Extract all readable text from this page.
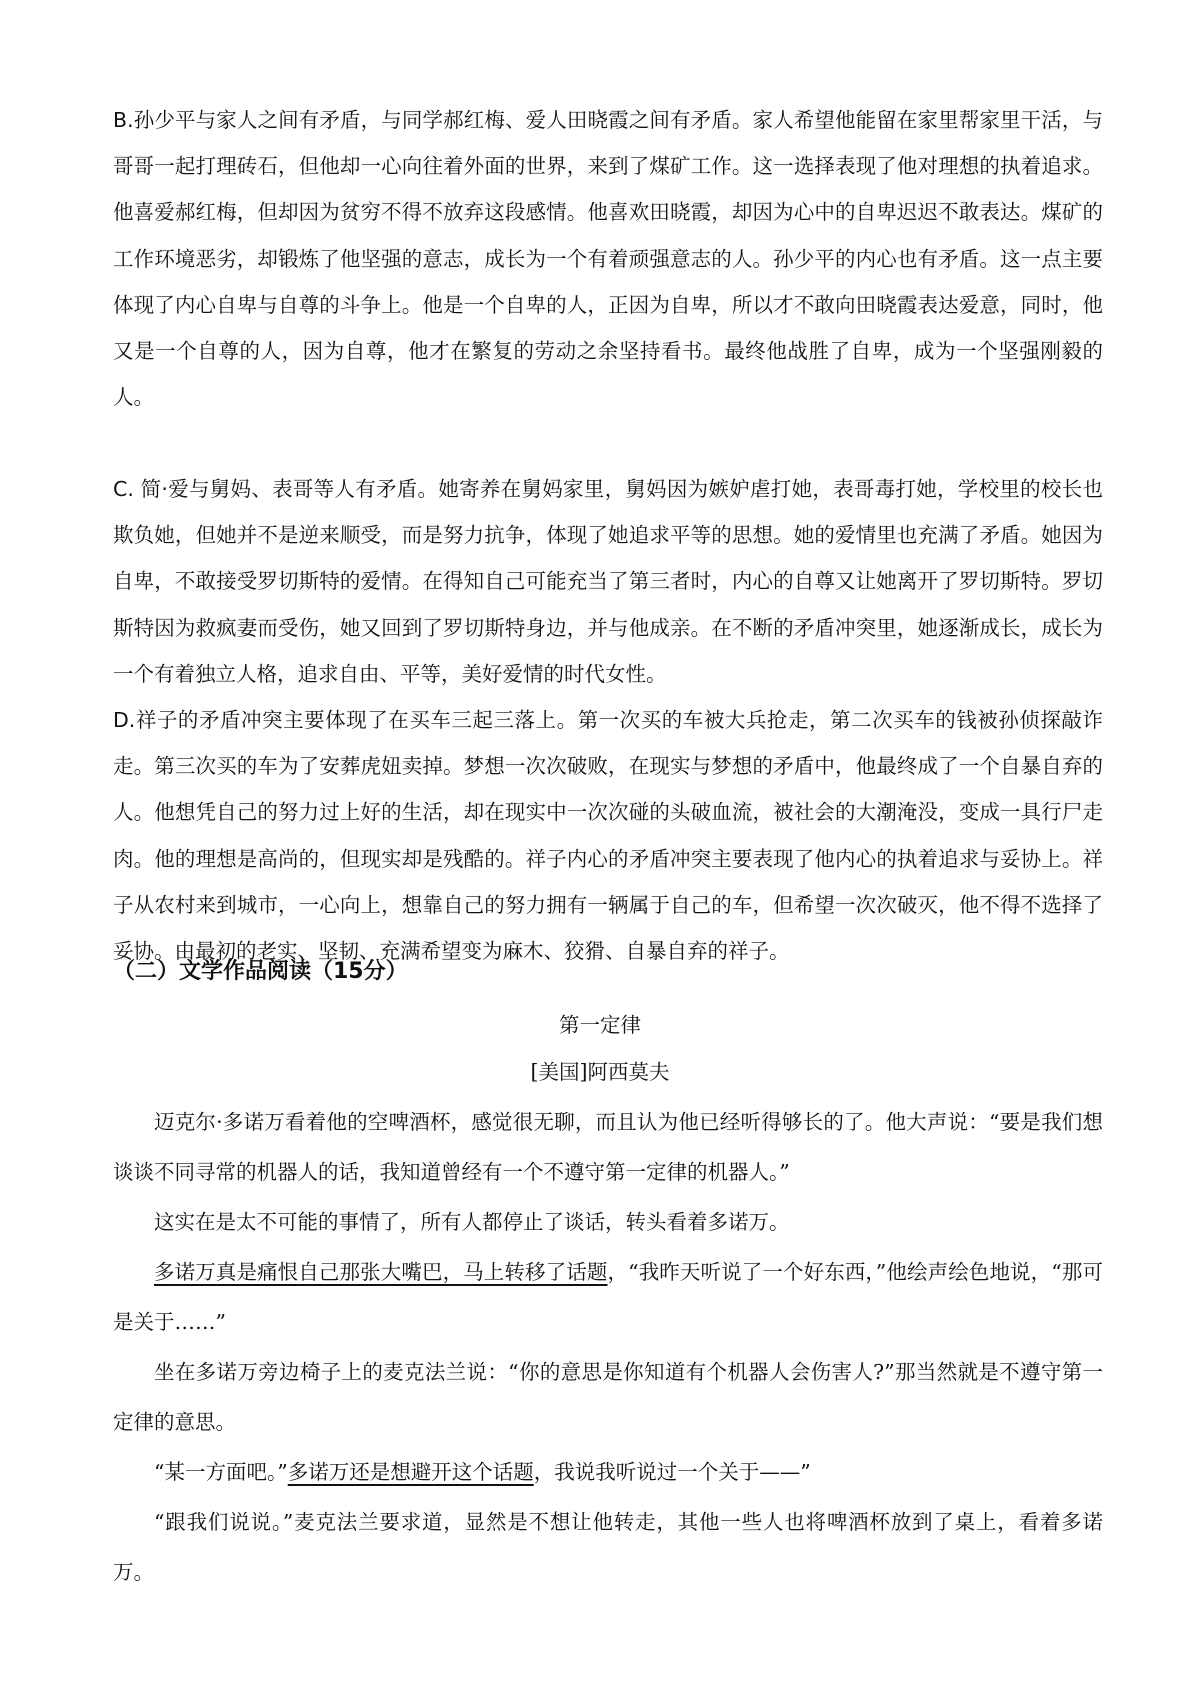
B.孙少平与家人之间有矛盾，与同学郝红梅、爱人田晓霞之间有矛盾。家人希望他能留在家里帮家里干活，与哥哥一起打理砖石，但他却一心向往着外面的世界，来到了煤矿工作。这一选择表现了他对理想的执着追求。他喜爱郝红梅，但却因为贫穷不得不放弃这段感情。他喜欢田晓霞，却因为心中的自卑迟迟不敢表达。煤矿的工作环境恶劣，却锻炼了他坚强的意志，成长为一个有着顽强意志的人。孙少平的内心也有矛盾。这一点主要体现了内心自卑与自尊的斗争上。他是一个自卑的人，正因为自卑，所以才不敢向田晓霞表达爱意，同时，他又是一个自尊的人，因为自尊，他才在繁复的劳动之余坚持看书。最终他战胜了自卑，成为一个坚强刚毅的人。

C. 简·爱与舅妈、表哥等人有矛盾。她寄养在舅妈家里，舅妈因为嫉妒虐打她，表哥毒打她，学校里的校长也欺负她，但她并不是逆来顺受，而是努力抗争，体现了她追求平等的思想。她的爱情里也充满了矛盾。她因为自卑，不敢接受罗切斯特的爱情。在得知自己可能充当了第三者时，内心的自尊又让她离开了罗切斯特。罗切斯特因为救疯妻而受伤，她又回到了罗切斯特身边，并与他成亲。在不断的矛盾冲突里，她逐渐成长，成长为一个有着独立人格，追求自由、平等，美好爱情的时代女性。

D.祥子的矛盾冲突主要体现了在买车三起三落上。第一次买的车被大兵抢走，第二次买车的钱被孙侦探敲诈走。第三次买的车为了安葬虎妞卖掉。梦想一次次破败，在现实与梦想的矛盾中，他最终成了一个自暴自弃的人。他想凭自己的努力过上好的生活，却在现实中一次次碰的头破血流，被社会的大潮淹没，变成一具行尸走肉。他的理想是高尚的，但现实却是残酷的。祥子内心的矛盾冲突主要表现了他内心的执着追求与妥协上。祥子从农村来到城市，一心向上，想靠自己的努力拥有一辆属于自己的车，但希望一次次破灭，他不得不选择了妥协。由最初的老实、坚韧、充满希望变为麻木、狡猾、自暴自弃的祥子。

（二）文学作品阅读（15分）

第一定律

[美国]阿西莫夫

迈克尔·多诺万看着他的空啤酒杯，感觉很无聊，而且认为他已经听得够长的了。他大声说：“要是我们想谈谈不同寻常的机器人的话，我知道曾经有一个不遵守第一定律的机器人。”

这实在是太不可能的事情了，所有人都停止了谈话，转头看着多诺万。

多诺万真是痛恨自己那张大嘴巴，马上转移了话题，“我昨天听说了一个好东西，”他绘声绘色地说，“那可是关于……”

坐在多诺万旁边椅子上的麦克法兰说：“你的意思是你知道有个机器人会伤害人?”那当然就是不遵守第一定律的意思。

“某一方面吧。”多诺万还是想避开这个话题，我说我听说过一个关于——”

“跟我们说说。”麦克法兰要求道，显然是不想让他转走，其他一些人也将啤酒杯放到了桌上，看着多诺万。
